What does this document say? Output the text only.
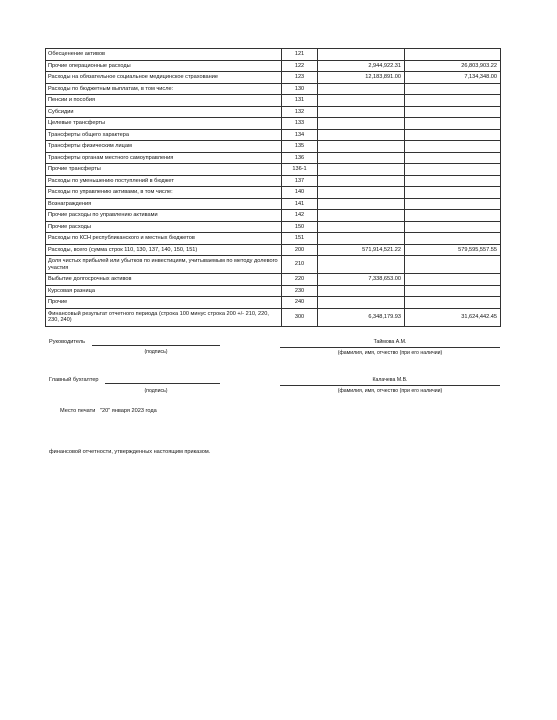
Обесценение активов	121		
Прочие операционные расходы	122	2,944,922.31	26,803,903.22
Расходы на обязательное социальное медицинское страхование	123	12,183,891.00	7,134,348.00
Расходы по бюджетным выплатам, в том числе:	130		
Пенсии и пособия	131		
Субсидии	132		
Целевые трансферты	133		
Трансферты общего характера	134		
Трансферты физическим лицам	135		
Трансферты органам местного самоуправления	136		
Прочие трансферты	136-1		
Расходы по уменьшению поступлений в бюджет	137		
Расходы по управлению активами, в том числе:	140		
Вознаграждения	141		
Прочие расходы по управлению активами	142		
Прочие расходы	150		
Расходы по КСН республиканского и местных бюджетов	151		
Расходы, всего (сумма строк 110, 130, 137, 140, 150, 151)	200	571,914,521.22	579,595,557.55
Доля чистых прибылей или убытков по инвестициям, учитываемым по методу долевого участия	210		
Выбытие долгосрочных активов	220	7,338,653.00	
Курсовая разница	230		
Прочие	240		
Финансовый результат отчетного периода (строка 100 минус строка 200 +/- 210, 220, 230, 240)	300	6,348,179.93	31,624,442.45
Руководитель
(подпись)
Таймова А.М.
(фамилия, имя, отчество (при его наличии)
Главный бухгалтер
(подпись)
Калачева М.В.
(фамилия, имя, отчество (при его наличии)
Место печати   "20" января 2023 года
финансовой отчетности, утвержденных настоящим приказом.
